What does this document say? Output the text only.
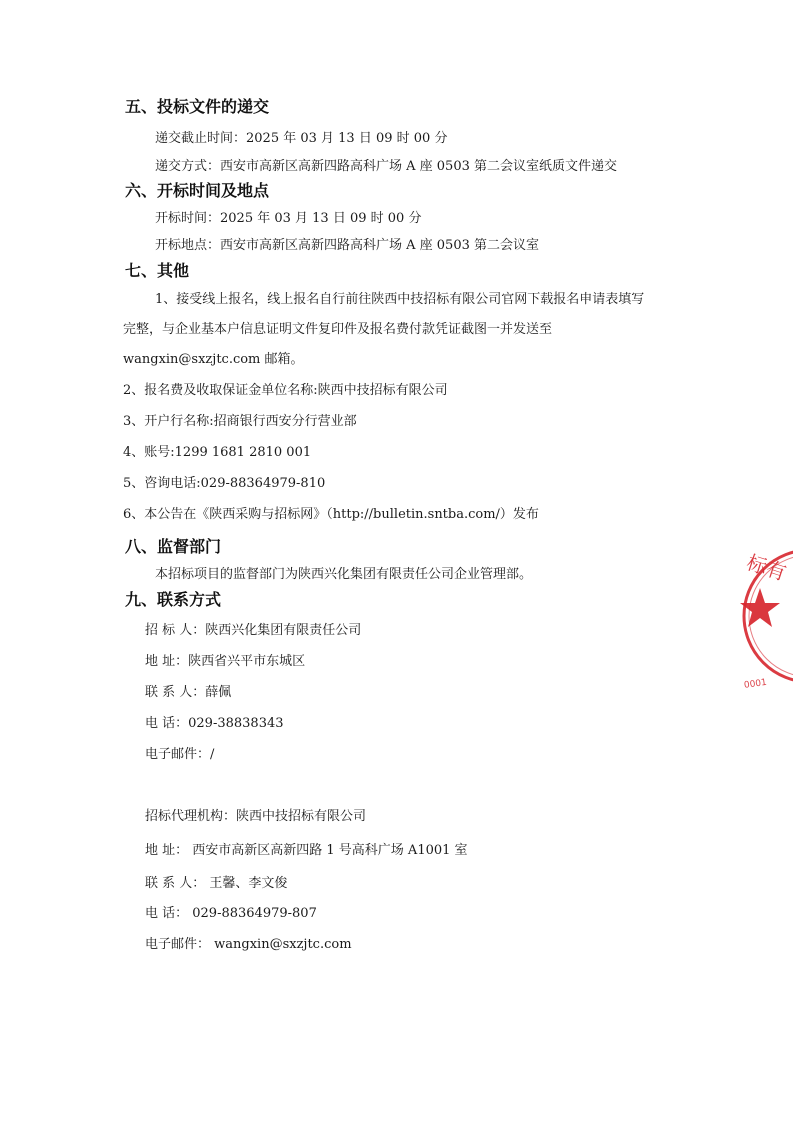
五、投标文件的递交
递交截止时间：2025 年 03 月 13 日 09 时 00 分
递交方式：西安市高新区高新四路高科广场 A 座 0503 第二会议室纸质文件递交
六、开标时间及地点
开标时间：2025 年 03 月 13 日 09 时 00 分
开标地点：西安市高新区高新四路高科广场 A 座 0503 第二会议室
七、其他
1、接受线上报名，线上报名自行前往陕西中技招标有限公司官网下载报名申请表填写
完整，与企业基本户信息证明文件复印件及报名费付款凭证截图一并发送至
wangxin@sxzjtc.com 邮箱。
2、报名费及收取保证金单位名称:陕西中技招标有限公司
3、开户行名称:招商银行西安分行营业部
4、账号:1299 1681 2810 001
5、咨询电话:029-88364979-810
6、本公告在《陕西采购与招标网》（http://bulletin.sntba.com/）发布
八、监督部门
本招标项目的监督部门为陕西兴化集团有限责任公司企业管理部。
九、联系方式
招 标 人：陕西兴化集团有限责任公司
地 址：陕西省兴平市东城区
联 系 人：薛佩
电 话：029-38838343
电子邮件：/
招标代理机构：陕西中技招标有限公司
地 址： 西安市高新区高新四路 1 号高科广场 A1001 室
联 系 人： 王馨、李文俊
电 话： 029-88364979-807
电子邮件： wangxin@sxzjtc.com
标有
0001
